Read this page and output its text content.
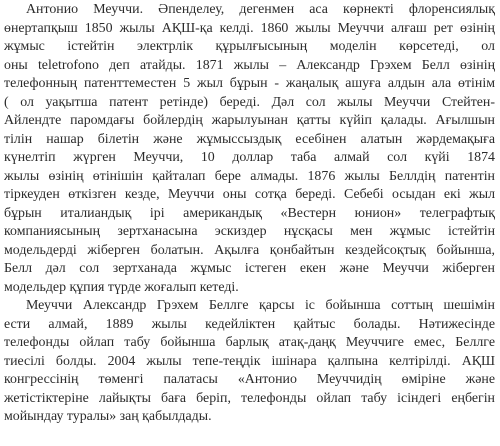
Антонио Меуччи. Әпенделеу, дегенмен аса көрнекті флоренсиялық
өнертапқыш 1850 жылы АҚШ-қа келді. 1860 жылы Меуччи алғаш рет өзінің
жұмыс істейтін электрлік құрылғысының моделін көрсетеді, ол
оны teletrofono деп атайды. 1871 жылы – Александр Грэхем Белл өзінің
телефонның патенттеместен 5 жыл бұрын - жаңалық ашуға алдын ала өтінім
( ол уақытша патент ретінде) береді. Дәл сол жылы Меуччи Стейтен-
Айлендте паромдағы бойлердің жарылуынан қатты күйіп қалады. Ағылшын
тілін нашар білетін және жұмыссыздық есебінен алатын жәрдемақыға
күнелтіп жүрген Меуччи, 10 доллар таба алмай сол күйі 1874
жылы өзінің өтінішін қайталап бере алмады. 1876 жылы Беллдің патентін
тіркеуден өткізген кезде, Меуччи оны сотқа береді. Себебі осыдан екі жыл
бұрын италиандық ірі американдық «Вестерн юнион» телеграфтық
компаниясының зертханасына эскиздер нұсқасы мен жұмыс істейтін
модельдерді жіберген болатын. Ақылға қонбайтын кездейсоқтық бойынша,
Белл дәл сол зертханада жұмыс істеген екен және Меуччи жіберген
модельдер құпия түрде жоғалып кетеді.

Меуччи Александр Грэхем Беллге қарсы іс бойынша соттың шешімін
ести алмай, 1889 жылы кедейліктен қайтыс болады. Нәтижесінде
телефонды ойлап табу бойынша барлық атақ-даңқ Меуччиге емес, Беллге
тиесілі болды. 2004 жылы тепе-теңдік ішінара қалпына келтірілді. АҚШ
конгрессінің төменгі палатасы «Антонио Меуччидің өміріне және
жетістіктеріне лайықты баға беріп, телефонды ойлап табу ісіндегі еңбегін
мойындау туралы» заң қабылдады.
